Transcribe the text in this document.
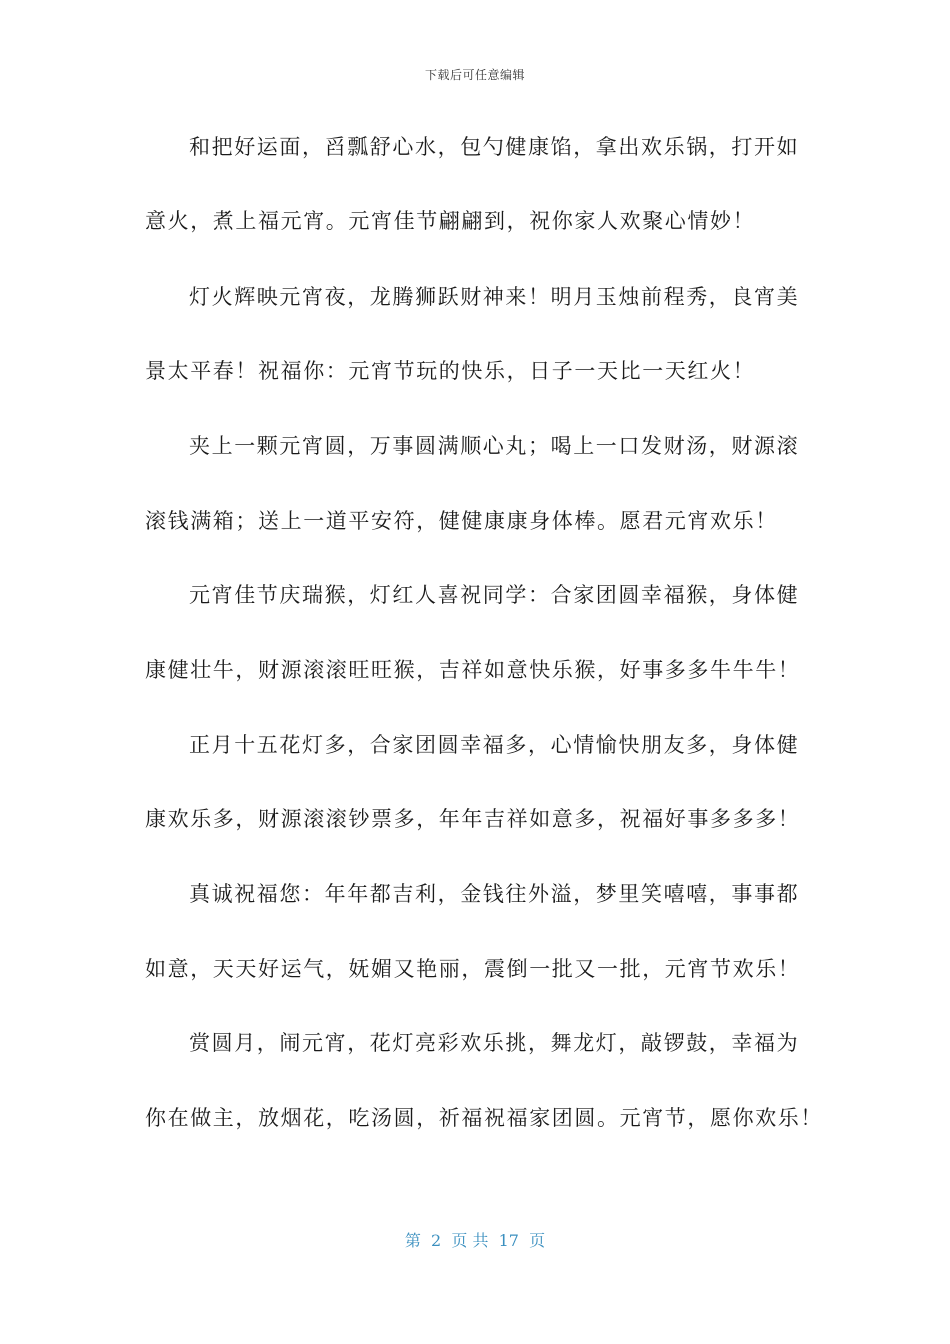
下载后可任意编辑
和把好运面，舀瓢舒心水，包勺健康馅，拿出欢乐锅，打开如
意火，煮上福元宵。元宵佳节翩翩到，祝你家人欢聚心情妙！
灯火辉映元宵夜，龙腾狮跃财神来！明月玉烛前程秀，良宵美
景太平春！祝福你：元宵节玩的快乐，日子一天比一天红火！
夹上一颗元宵圆，万事圆满顺心丸；喝上一口发财汤，财源滚
滚钱满箱；送上一道平安符，健健康康身体棒。愿君元宵欢乐！
元宵佳节庆瑞猴，灯红人喜祝同学：合家团圆幸福猴，身体健
康健壮牛，财源滚滚旺旺猴，吉祥如意快乐猴，好事多多牛牛牛！
正月十五花灯多，合家团圆幸福多，心情愉快朋友多，身体健
康欢乐多，财源滚滚钞票多，年年吉祥如意多，祝福好事多多多！
真诚祝福您：年年都吉利，金钱往外溢，梦里笑嘻嘻，事事都
如意，天天好运气，妩媚又艳丽，震倒一批又一批，元宵节欢乐！
赏圆月，闹元宵，花灯亮彩欢乐挑，舞龙灯，敲锣鼓，幸福为
你在做主，放烟花，吃汤圆，祈福祝福家团圆。元宵节，愿你欢乐！
第  2  页 共  17  页
